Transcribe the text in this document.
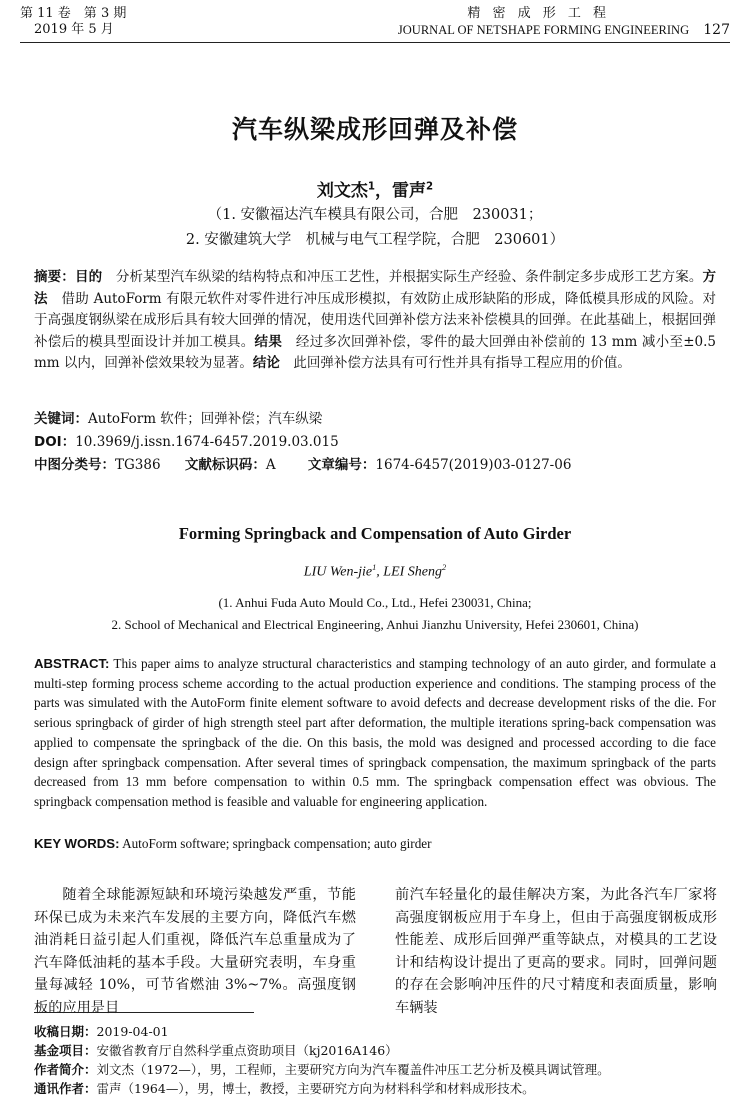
第 11 卷　第 3 期
2019 年 5 月
精 密 成 形 工 程
JOURNAL OF NETSHAPE FORMING ENGINEERING 127
汽车纵梁成形回弹及补偿
刘文杰$^1$，雷声$^2$
（1. 安徽福达汽车模具有限公司，合肥　230031；
2. 安徽建筑大学　机械与电气工程学院，合肥　230601）
摘要：目的　 分析某型汽车纵梁的结构特点和冲压工艺性，并根据实际生产经验、条件制定多步成形工艺方案。方法　 借助 AutoForm 有限元软件对零件进行冲压成形模拟，有效防止成形缺陷的形成，降低模具形成的风险。对于高强度钢纵梁在成形后具有较大回弹的情况，使用迭代回弹补偿方法来补偿模具的回弹。在此基础上，根据回弹补偿后的模具型面设计并加工模具。结果　 经过多次回弹补偿，零件的最大回弹由补偿前的 13 mm 减小至±0.5 mm 以内，回弹补偿效果较为显著。结论　 此回弹补偿方法具有可行性并具有指导工程应用的价值。
关键词：AutoForm 软件；回弹补偿；汽车纵梁
DOI：10.3969/j.issn.1674-6457.2019.03.015
中图分类号：TG386 文献标识码：A 文章编号：1674-6457(2019)03-0127-06
Forming Springback and Compensation of Auto Girder
LIU Wen-jie$^1$, LEI Sheng$^2$
(1. Anhui Fuda Auto Mould Co., Ltd., Hefei 230031, China;
2. School of Mechanical and Electrical Engineering, Anhui Jianzhu University, Hefei 230601, China)
ABSTRACT: This paper aims to analyze structural characteristics and stamping technology of an auto girder, and formulate a multi-step forming process scheme according to the actual production experience and conditions. The stamping process of the parts was simulated with the AutoForm finite element software to avoid defects and decrease development risks of the die. For serious springback of girder of high strength steel part after deformation, the multiple iterations spring-back compensation was applied to compensate the springback of the die. On this basis, the mold was designed and processed according to die face design after springback compensation. After several times of springback compensation, the maximum springback of the parts decreased from 13 mm before compensation to within 0.5 mm. The springback compensation effect was obvious. The springback compensation method is feasible and valuable for engineering application.
KEY WORDS: AutoForm software; springback compensation; auto girder
随着全球能源短缺和环境污染越发严重，节能环保已成为未来汽车发展的主要方向，降低汽车燃油消耗日益引起人们重视，降低汽车总重量成为了汽车降低油耗的基本手段。大量研究表明，车身重量每减轻 10%，可节省燃油 3%~7%。高强度钢板的应用是目
前汽车轻量化的最佳解决方案，为此各汽车厂家将高强度钢板应用于车身上，但由于高强度钢板成形性能差、成形后回弹严重等缺点，对模具的工艺设计和结构设计提出了更高的要求。同时，回弹问题的存在会影响冲压件的尺寸精度和表面质量，影响车辆装
收稿日期：2019-04-01
基金项目：安徽省教育厅自然科学重点资助项目（kj2016A146）
作者简介：刘文杰（1972—），男，工程师，主要研究方向为汽车覆盖件冲压工艺分析及模具调试管理。
通讯作者：雷声（1964—），男，博士，教授，主要研究方向为材料科学和材料成形技术。
